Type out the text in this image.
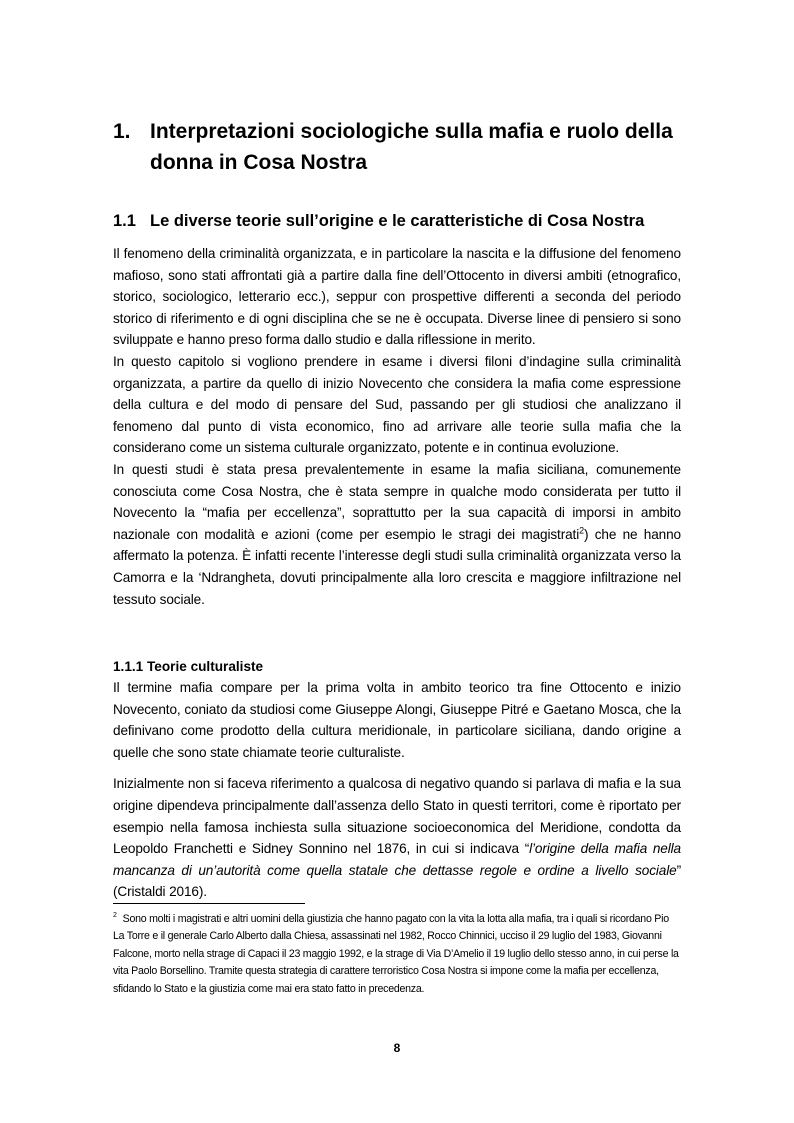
1. Interpretazioni sociologiche sulla mafia e ruolo della donna in Cosa Nostra
1.1 Le diverse teorie sull’origine e le caratteristiche di Cosa Nostra

Il fenomeno della criminalità organizzata, e in particolare la nascita e la diffusione del fenomeno mafioso, sono stati affrontati già a partire dalla fine dell’Ottocento in diversi ambiti (etnografico, storico, sociologico, letterario ecc.), seppur con prospettive differenti a seconda del periodo storico di riferimento e di ogni disciplina che se ne è occupata. Diverse linee di pensiero si sono sviluppate e hanno preso forma dallo studio e dalla riflessione in merito.

In questo capitolo si vogliono prendere in esame i diversi filoni d’indagine sulla criminalità organizzata, a partire da quello di inizio Novecento che considera la mafia come espressione della cultura e del modo di pensare del Sud, passando per gli studiosi che analizzano il fenomeno dal punto di vista economico, fino ad arrivare alle teorie sulla mafia che la considerano come un sistema culturale organizzato, potente e in continua evoluzione.

In questi studi è stata presa prevalentemente in esame la mafia siciliana, comunemente conosciuta come Cosa Nostra, che è stata sempre in qualche modo considerata per tutto il Novecento la “mafia per eccellenza”, soprattutto per la sua capacità di imporsi in ambito nazionale con modalità e azioni (come per esempio le stragi dei magistrati$^2$) che ne hanno affermato la potenza. È infatti recente l’interesse degli studi sulla criminalità organizzata verso la Camorra e la ‘Ndrangheta, dovuti principalmente alla loro crescita e maggiore infiltrazione nel tessuto sociale.

1.1.1 Teorie culturaliste

Il termine mafia compare per la prima volta in ambito teorico tra fine Ottocento e inizio Novecento, coniato da studiosi come Giuseppe Alongi, Giuseppe Pitré e Gaetano Mosca, che la definivano come prodotto della cultura meridionale, in particolare siciliana, dando origine a quelle che sono state chiamate teorie culturaliste.

Inizialmente non si faceva riferimento a qualcosa di negativo quando si parlava di mafia e la sua origine dipendeva principalmente dall’assenza dello Stato in questi territori, come è riportato per esempio nella famosa inchiesta sulla situazione socioeconomica del Meridione, condotta da Leopoldo Franchetti e Sidney Sonnino nel 1876, in cui si indicava “l’origine della mafia nella mancanza di un’autorità come quella statale che dettasse regole e ordine a livello sociale” (Cristaldi 2016).

$^2$ Sono molti i magistrati e altri uomini della giustizia che hanno pagato con la vita la lotta alla mafia, tra i quali si ricordano Pio La Torre e il generale Carlo Alberto dalla Chiesa, assassinati nel 1982, Rocco Chinnici, ucciso il 29 luglio del 1983, Giovanni Falcone, morto nella strage di Capaci il 23 maggio 1992, e la strage di Via D’Amelio il 19 luglio dello stesso anno, in cui perse la vita Paolo Borsellino. Tramite questa strategia di carattere terroristico Cosa Nostra si impone come la mafia per eccellenza, sfidando lo Stato e la giustizia come mai era stato fatto in precedenza.
8
